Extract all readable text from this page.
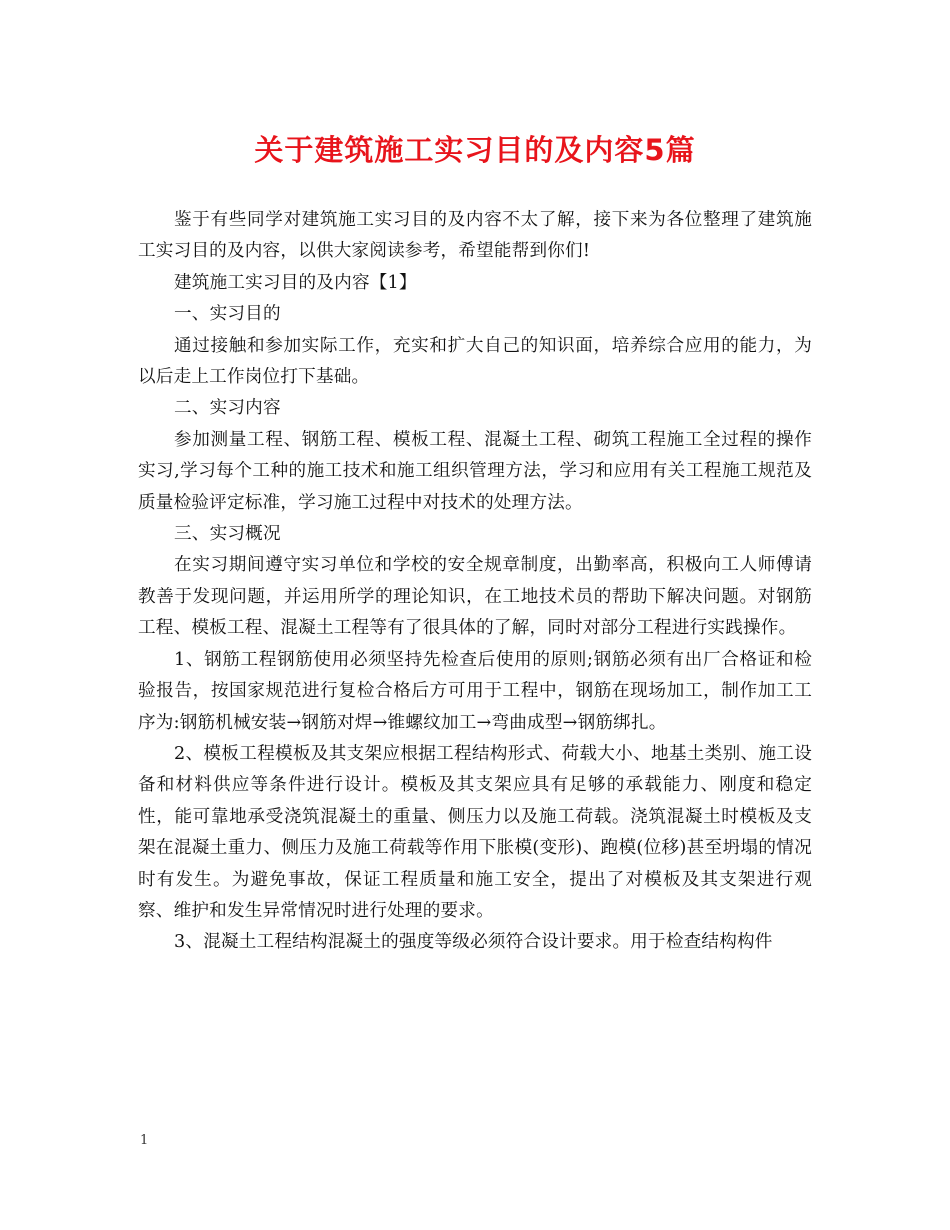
关于建筑施工实习目的及内容5篇

鉴于有些同学对建筑施工实习目的及内容不太了解，接下来为各位整理了建筑施工实习目的及内容，以供大家阅读参考，希望能帮到你们!

建筑施工实习目的及内容【1】

一、实习目的

通过接触和参加实际工作，充实和扩大自己的知识面，培养综合应用的能力，为以后走上工作岗位打下基础。

二、实习内容

参加测量工程、钢筋工程、模板工程、混凝土工程、砌筑工程施工全过程的操作实习,学习每个工种的施工技术和施工组织管理方法，学习和应用有关工程施工规范及质量检验评定标准，学习施工过程中对技术的处理方法。

三、实习概况

在实习期间遵守实习单位和学校的安全规章制度，出勤率高，积极向工人师傅请教善于发现问题，并运用所学的理论知识，在工地技术员的帮助下解决问题。对钢筋工程、模板工程、混凝土工程等有了很具体的了解，同时对部分工程进行实践操作。

1、钢筋工程钢筋使用必须坚持先检查后使用的原则;钢筋必须有出厂合格证和检验报告，按国家规范进行复检合格后方可用于工程中，钢筋在现场加工，制作加工工序为:钢筋机械安装→钢筋对焊→锥螺纹加工→弯曲成型→钢筋绑扎。

2、模板工程模板及其支架应根据工程结构形式、荷载大小、地基土类别、施工设备和材料供应等条件进行设计。模板及其支架应具有足够的承载能力、刚度和稳定性，能可靠地承受浇筑混凝土的重量、侧压力以及施工荷载。浇筑混凝土时模板及支架在混凝土重力、侧压力及施工荷载等作用下胀模(变形)、跑模(位移)甚至坍塌的情况时有发生。为避免事故，保证工程质量和施工安全，提出了对模板及其支架进行观察、维护和发生异常情况时进行处理的要求。

3、混凝土工程结构混凝土的强度等级必须符合设计要求。用于检查结构构件

1
